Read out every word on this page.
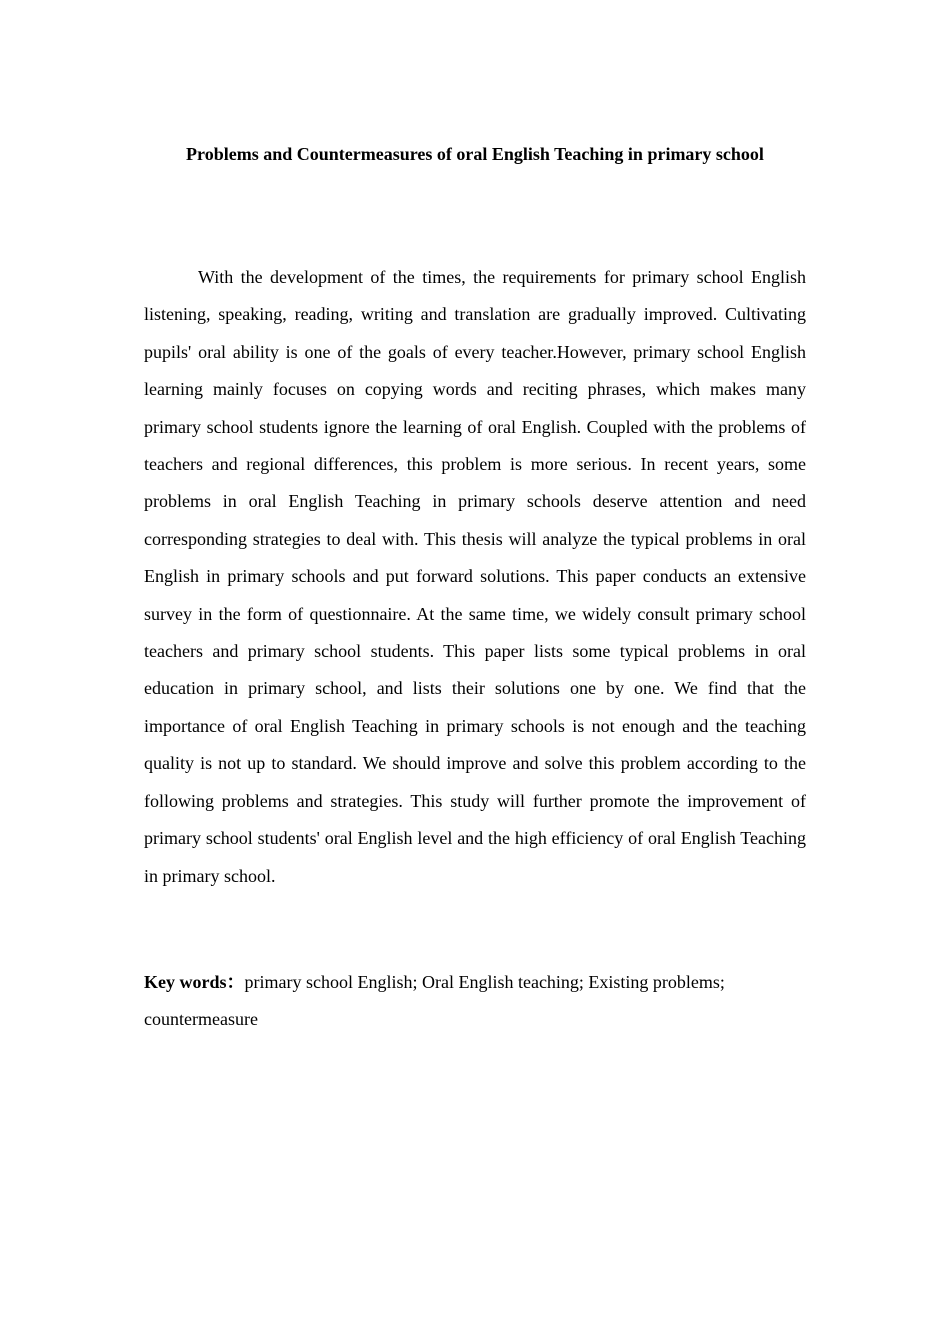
Problems and Countermeasures of oral English Teaching in primary school

With the development of the times, the requirements for primary school English listening, speaking, reading, writing and translation are gradually improved. Cultivating pupils' oral ability is one of the goals of every teacher.However, primary school English learning mainly focuses on copying words and reciting phrases, which makes many primary school students ignore the learning of oral English. Coupled with the problems of teachers and regional differences, this problem is more serious. In recent years, some problems in oral English Teaching in primary schools deserve attention and need corresponding strategies to deal with. This thesis will analyze the typical problems in oral English in primary schools and put forward solutions. This paper conducts an extensive survey in the form of questionnaire. At the same time, we widely consult primary school teachers and primary school students. This paper lists some typical problems in oral education in primary school, and lists their solutions one by one. We find that the importance of oral English Teaching in primary schools is not enough and the teaching quality is not up to standard. We should improve and solve this problem according to the following problems and strategies. This study will further promote the improvement of primary school students' oral English level and the high efficiency of oral English Teaching in primary school.

Key words：primary school English; Oral English teaching; Existing problems; countermeasure
